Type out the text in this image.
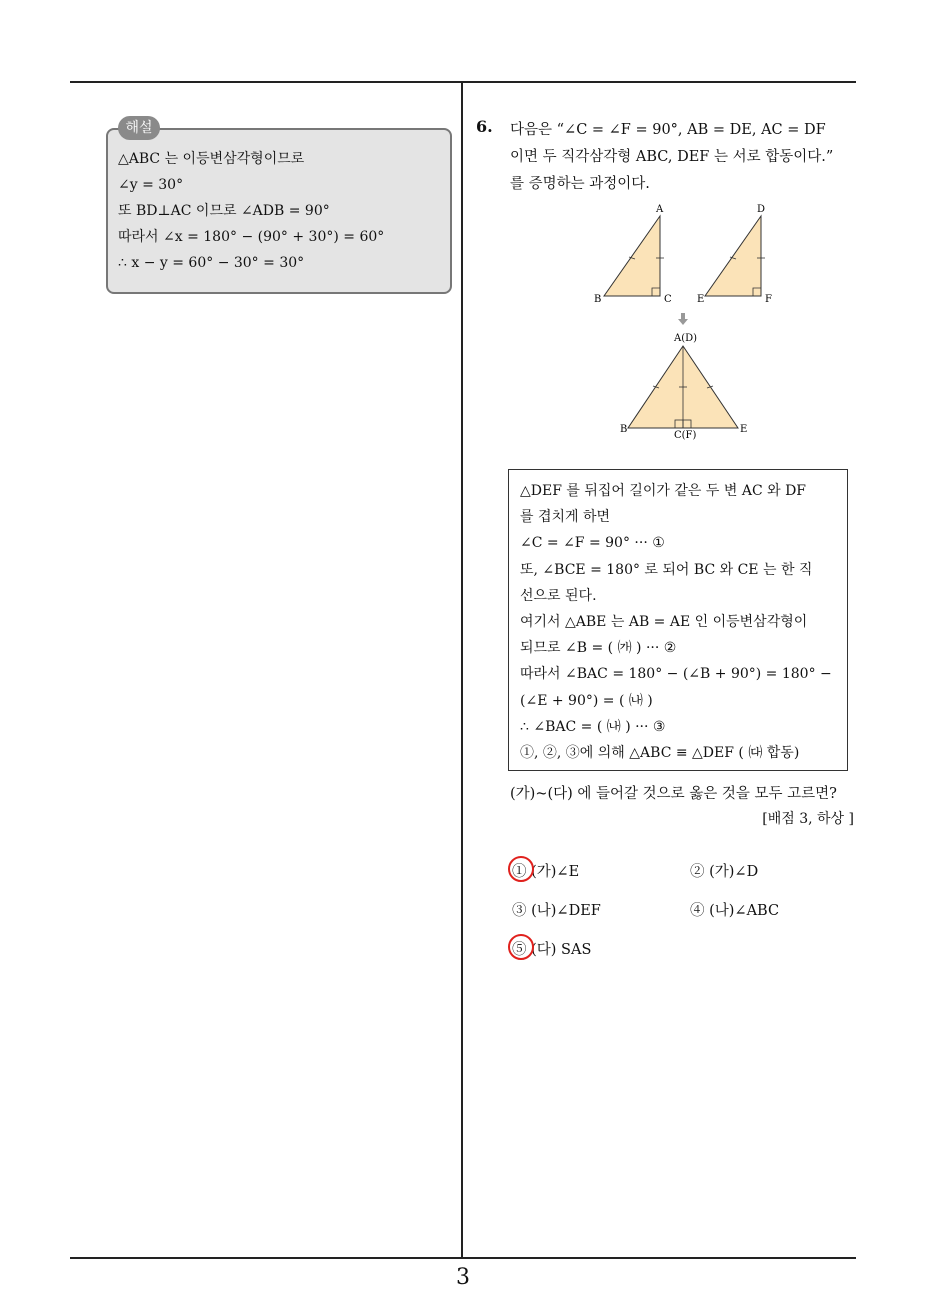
해설
△ABC 는 이등변삼각형이므로
∠y = 30°
또 BD⊥AC 이므로 ∠ADB = 90°
따라서 ∠x = 180° − (90° + 30°) = 60°
∴ x − y = 60° − 30° = 30°
6. 다음은 “∠C = ∠F = 90°, AB = DE, AC = DF
이면 두 직각삼각형 ABC, DEF 는 서로 합동이다.”
를 증명하는 과정이다.
A
B	C
D
E	F
A(D)
B
C(F)
E
△DEF 를 뒤집어 길이가 같은 두 변 AC 와 DF
를 겹치게 하면
∠C = ∠F = 90° ··· ①
또, ∠BCE = 180° 로 되어 BC 와 CE 는 한 직
선으로 된다.
여기서 △ABE 는 AB = AE 인 이등변삼각형이
되므로 ∠B = ( ㈎ ) ··· ②
따라서 ∠BAC = 180° − (∠B + 90°) = 180° −
(∠E + 90°) = ( ㈏ )
∴ ∠BAC = ( ㈏ ) ··· ③
①, ②, ③에 의해 △ABC ≡ △DEF ( ㈐ 합동)
(가)~(다) 에 들어갈 것으로 옳은 것을 모두 고르면?
[배점 3, 하상 ]
① (가)∠E	② (가)∠D
③ (나)∠DEF	④ (나)∠ABC
⑤ (다) SAS
3
